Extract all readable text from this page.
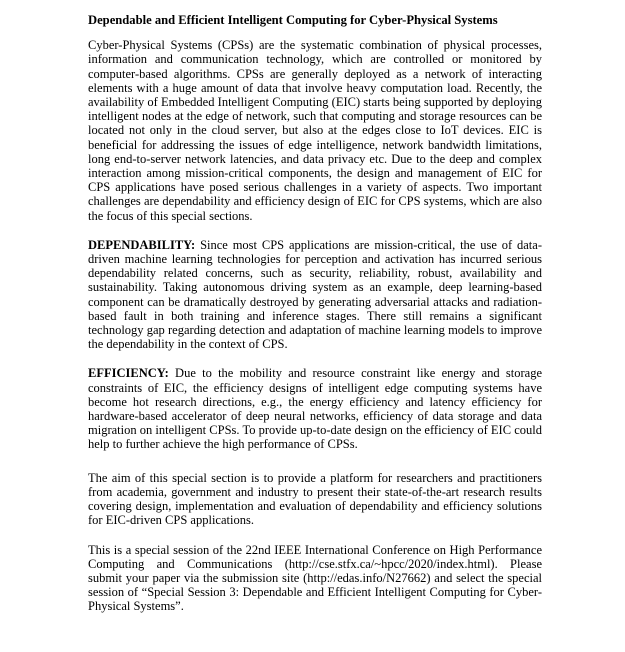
Dependable and Efficient Intelligent Computing for Cyber-Physical Systems

Cyber-Physical Systems (CPSs) are the systematic combination of physical processes, information and communication technology, which are controlled or monitored by computer-based algorithms. CPSs are generally deployed as a network of interacting elements with a huge amount of data that involve heavy computation load. Recently, the availability of Embedded Intelligent Computing (EIC) starts being supported by deploying intelligent nodes at the edge of network, such that computing and storage resources can be located not only in the cloud server, but also at the edges close to IoT devices. EIC is beneficial for addressing the issues of edge intelligence, network bandwidth limitations, long end-to-server network latencies, and data privacy etc. Due to the deep and complex interaction among mission-critical components, the design and management of EIC for CPS applications have posed serious challenges in a variety of aspects. Two important challenges are dependability and efficiency design of EIC for CPS systems, which are also the focus of this special sections.

DEPENDABILITY: Since most CPS applications are mission-critical, the use of data-driven machine learning technologies for perception and activation has incurred serious dependability related concerns, such as security, reliability, robust, availability and sustainability. Taking autonomous driving system as an example, deep learning-based component can be dramatically destroyed by generating adversarial attacks and radiation-based fault in both training and inference stages. There still remains a significant technology gap regarding detection and adaptation of machine learning models to improve the dependability in the context of CPS.

EFFICIENCY: Due to the mobility and resource constraint like energy and storage constraints of EIC, the efficiency designs of intelligent edge computing systems have become hot research directions, e.g., the energy efficiency and latency efficiency for hardware-based accelerator of deep neural networks, efficiency of data storage and data migration on intelligent CPSs. To provide up-to-date design on the efficiency of EIC could help to further achieve the high performance of CPSs.

The aim of this special section is to provide a platform for researchers and practitioners from academia, government and industry to present their state-of-the-art research results covering design, implementation and evaluation of dependability and efficiency solutions for EIC-driven CPS applications.

This is a special session of the 22nd IEEE International Conference on High Performance Computing and Communications (http://cse.stfx.ca/~hpcc/2020/index.html). Please submit your paper via the submission site (http://edas.info/N27662) and select the special session of “Special Session 3: Dependable and Efficient Intelligent Computing for Cyber-Physical Systems”.
